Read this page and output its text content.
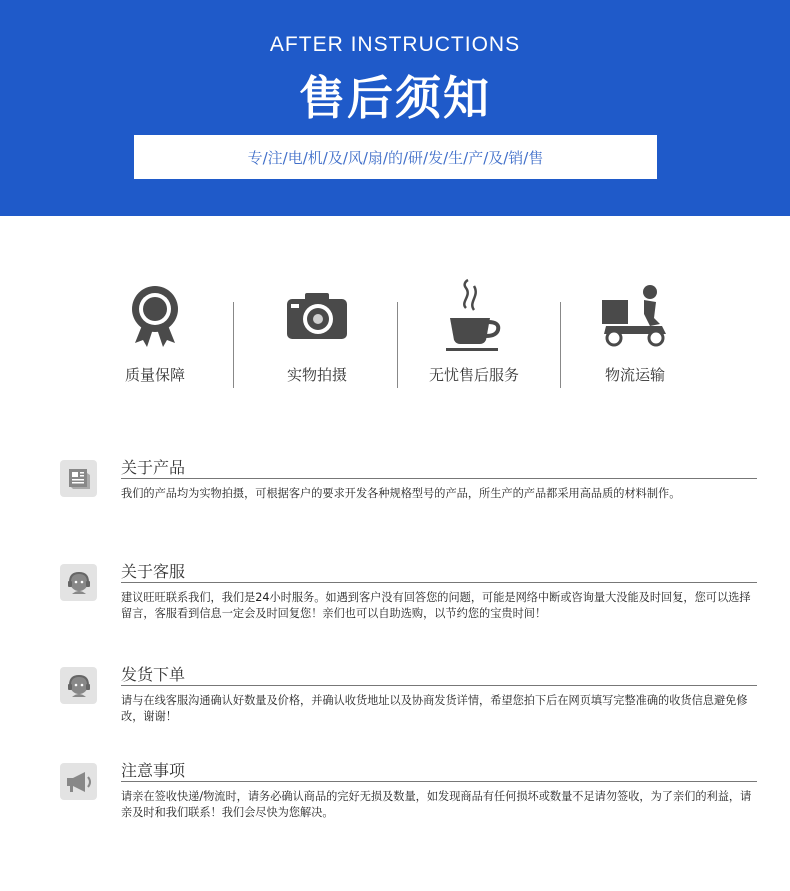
AFTER INSTRUCTIONS
售后须知
专/注/电/机/及/风/扇/的/研/发/生/产/及/销/售
质量保障	实物拍摄	无忧售后服务	物流运输
关于产品
我们的产品均为实物拍摄，可根据客户的要求开发各种规格型号的产品，所生产的产品都采用高品质的材料制作。
关于客服
建议旺旺联系我们，我们是24小时服务。如遇到客户没有回答您的问题，可能是网络中断或咨询量大没能及时回复，您可以选择留言，客服看到信息一定会及时回复您！亲们也可以自助选购，以节约您的宝贵时间！
发货下单
请与在线客服沟通确认好数量及价格，并确认收货地址以及协商发货详情，希望您拍下后在网页填写完整准确的收货信息避免修改，谢谢！
注意事项
请亲在签收快递/物流时，请务必确认商品的完好无损及数量，如发现商品有任何损坏或数量不足请勿签收，为了亲们的利益，请亲及时和我们联系！我们会尽快为您解决。
